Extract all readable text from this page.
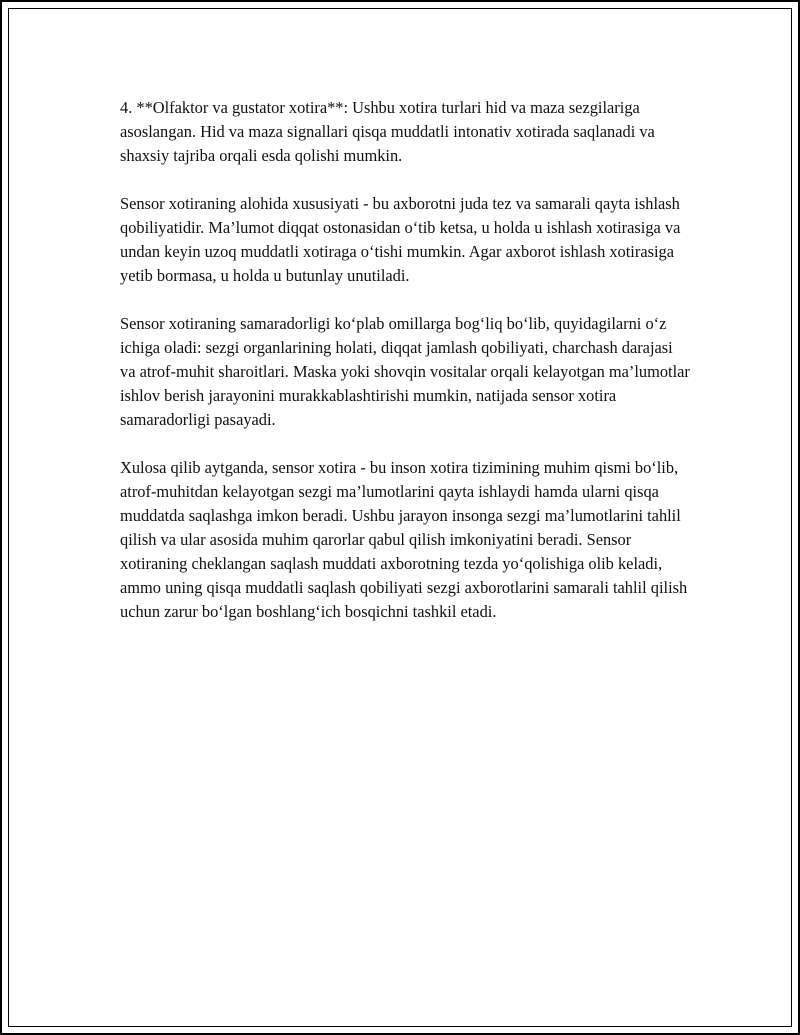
4. **Olfaktor va gustator xotira**: Ushbu xotira turlari hid va maza sezgilariga asoslangan. Hid va maza signallari qisqa muddatli intonativ xotirada saqlanadi va shaxsiy tajriba orqali esda qolishi mumkin.

Sensor xotiraning alohida xususiyati - bu axborotni juda tez va samarali qayta ishlash qobiliyatidir. Ma’lumot diqqat ostonasidan o‘tib ketsa, u holda u ishlash xotirasiga va undan keyin uzoq muddatli xotiraga o‘tishi mumkin. Agar axborot ishlash xotirasiga yetib bormasa, u holda u butunlay unutiladi.

Sensor xotiraning samaradorligi ko‘plab omillarga bog‘liq bo‘lib, quyidagilarni o‘z ichiga oladi: sezgi organlarining holati, diqqat jamlash qobiliyati, charchash darajasi va atrof-muhit sharoitlari. Maska yoki shovqin vositalar orqali kelayotgan ma’lumotlar ishlov berish jarayonini murakkablashtirishi mumkin, natijada sensor xotira samaradorligi pasayadi.

Xulosa qilib aytganda, sensor xotira - bu inson xotira tizimining muhim qismi bo‘lib, atrof-muhitdan kelayotgan sezgi ma’lumotlarini qayta ishlaydi hamda ularni qisqa muddatda saqlashga imkon beradi. Ushbu jarayon insonga sezgi ma’lumotlarini tahlil qilish va ular asosida muhim qarorlar qabul qilish imkoniyatini beradi. Sensor xotiraning cheklangan saqlash muddati axborotning tezda yo‘qolishiga olib keladi, ammo uning qisqa muddatli saqlash qobiliyati sezgi axborotlarini samarali tahlil qilish uchun zarur bo‘lgan boshlang‘ich bosqichni tashkil etadi.
